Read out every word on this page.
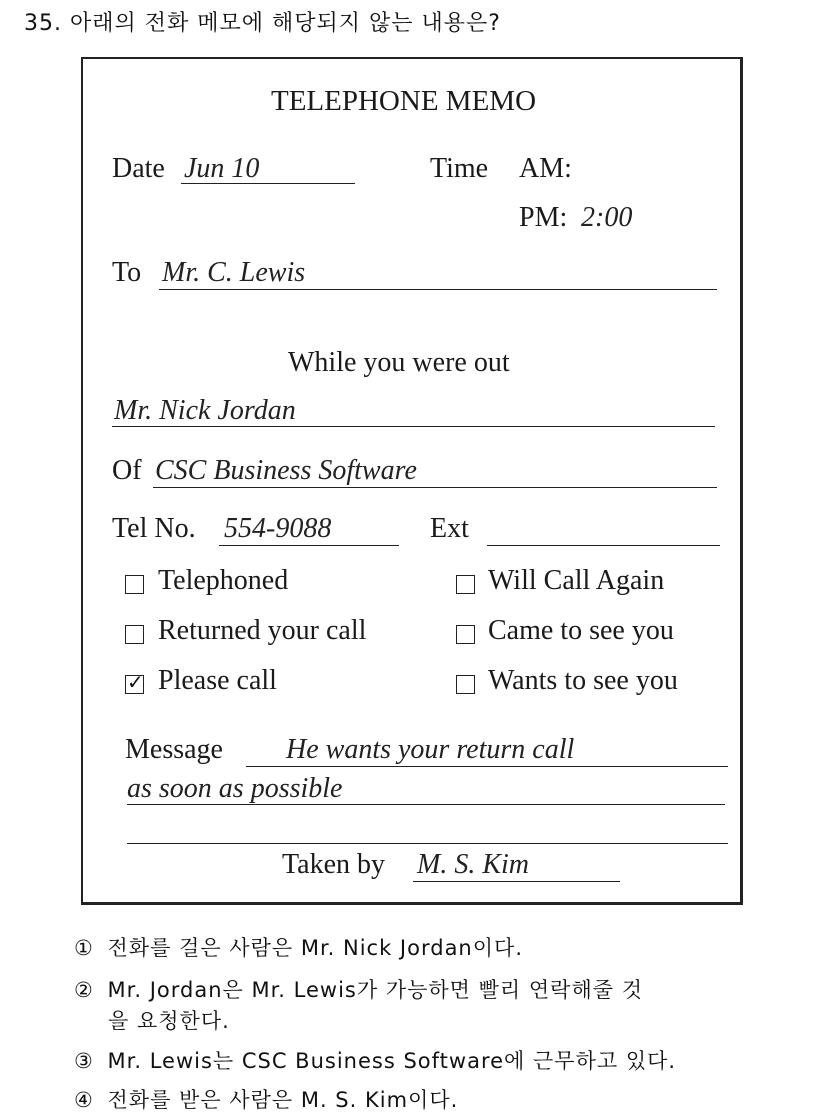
35. 아래의 전화 메모에 해당되지 않는 내용은?
TELEPHONE MEMO
Date Jun 10	Time AM:
PM: 2:00
To Mr. C. Lewis
While you were out
Mr. Nick Jordan
Of CSC Business Software
Tel No. 554-9088	Ext
Telephoned	Will Call Again
Returned your call	Came to see you
✓ Please call	Wants to see you
Message He wants your return call
as soon as possible
Taken by M. S. Kim
① 전화를 걸은 사람은 Mr. Nick Jordan이다.
② Mr. Jordan은 Mr. Lewis가 가능하면 빨리 연락해줄 것
을 요청한다.
③ Mr. Lewis는 CSC Business Software에 근무하고 있다.
④ 전화를 받은 사람은 M. S. Kim이다.
